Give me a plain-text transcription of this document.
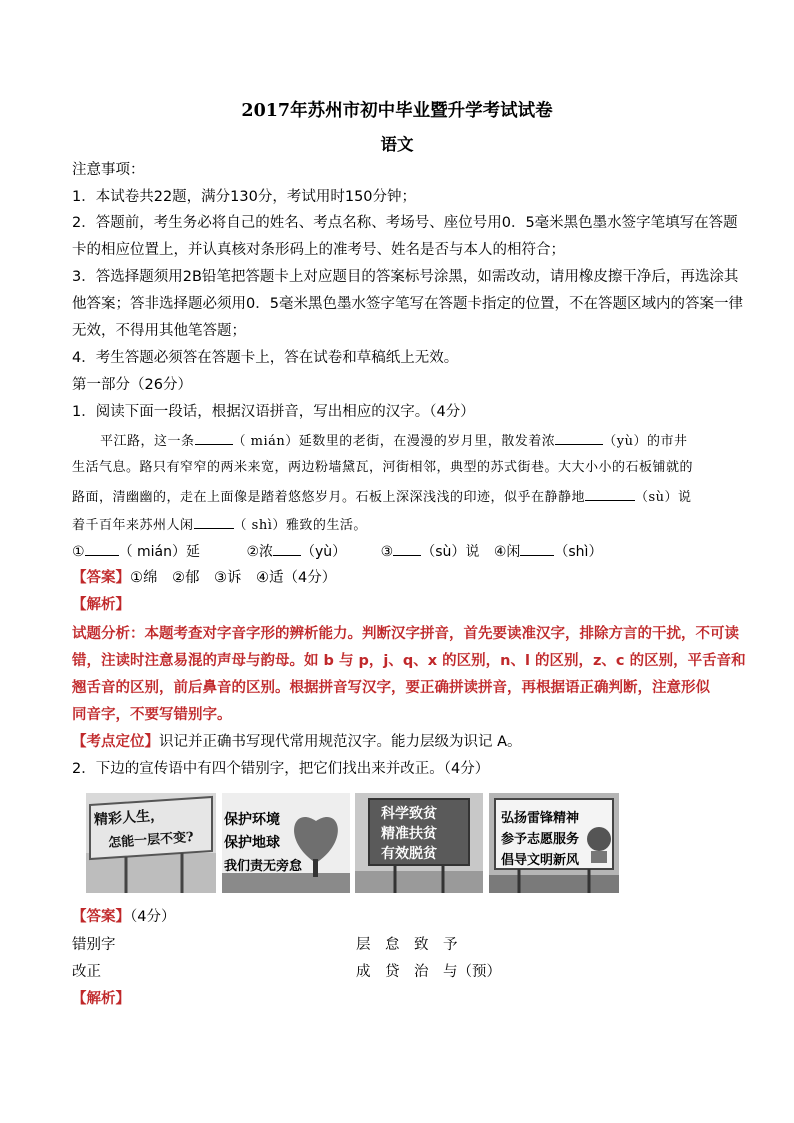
2017年苏州市初中毕业暨升学考试试卷
语文
注意事项：
1．本试卷共22题，满分130分，考试用时150分钟；
2．答题前，考生务必将自己的姓名、考点名称、考场号、座位号用0．5毫米黑色墨水签字笔填写在答题
卡的相应位置上，并认真核对条形码上的准考号、姓名是否与本人的相符合；
3．答选择题须用2B铅笔把答题卡上对应题目的答案标号涂黑，如需改动，请用橡皮擦干净后，再选涂其
他答案；答非选择题必须用0．5毫米黑色墨水签字笔写在答题卡指定的位置，不在答题区域内的答案一律
无效，不得用其他笔答题；
4．考生答题必须答在答题卡上，答在试卷和草稿纸上无效。
第一部分（26分）
1．阅读下面一段话，根据汉语拼音，写出相应的汉字。（4分）
平江路，这一条	（ mián）延数里的老街，在漫漫的岁月里，散发着浓	（yù）的市井
生活气息。路只有窄窄的两米来宽，两边粉墙黛瓦，河街相邻，典型的苏式街巷。大大小小的石板铺就的
路面，清幽幽的，走在上面像是踏着悠悠岁月。石板上深深浅浅的印迹，似乎在静静地	（sù）说
着千百年来苏州人闲	（ shì）雅致的生活。
① （ mián）延	②浓 （yù） ③ （sù）说 ④闲 （shì）
【答案】①绵　②郁　③诉　④适（4分）
【解析】
试题分析：本题考查对字音字形的辨析能力。判断汉字拼音，首先要读准汉字，排除方言的干扰，不可读
错，注读时注意易混的声母与韵母。如 b 与 p，j、q、x 的区别，n、l 的区别，z、c 的区别，平舌音和
翘舌音的区别，前后鼻音的区别。根据拼音写汉字，要正确拼读拼音，再根据语正确判断，注意形似
同音字，不要写错别字。
【考点定位】识记并正确书写现代常用规范汉字。能力层级为识记 A。
2．下边的宣传语中有四个错别字，把它们找出来并改正。（4分）
精彩人生，
怎能一层不变?
保护环境
保护地球
我们责无旁怠
科学致贫
精准扶贫
有效脱贫
弘扬雷锋精神
参予志愿服务
倡导文明新风
【答案】（4分）
错别字	层　怠　致　予
改正	成　贷　治　与（预）
【解析】
